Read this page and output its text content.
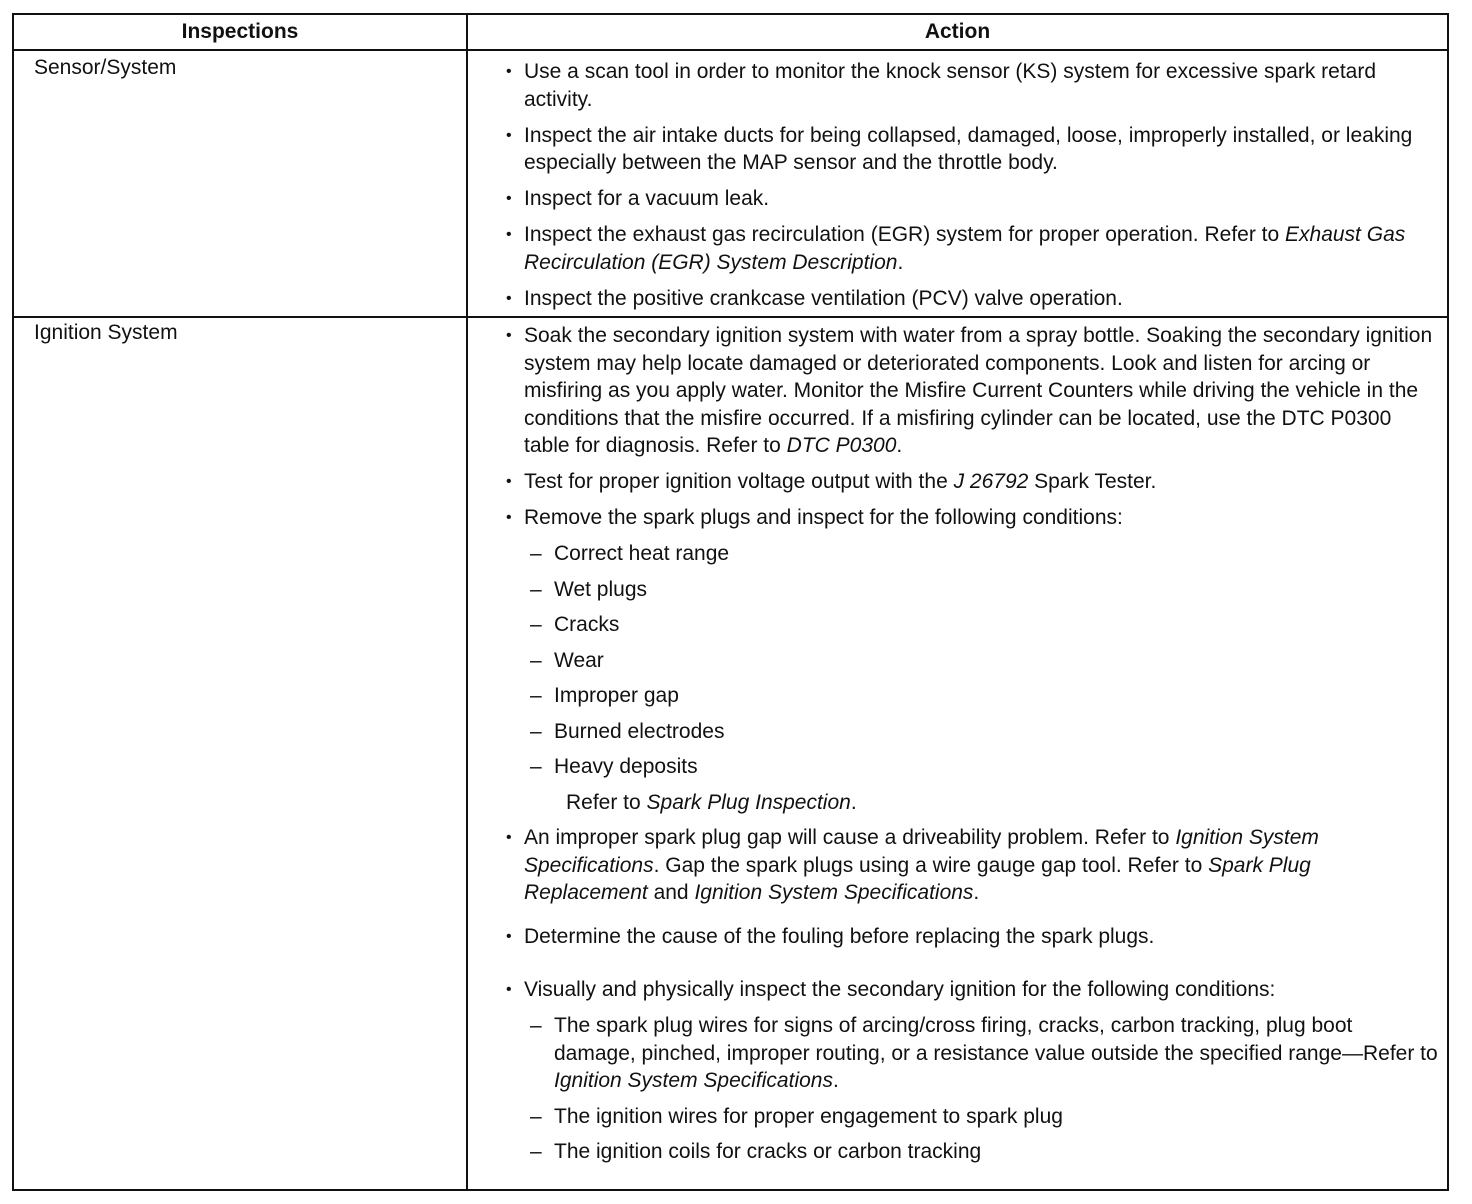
Inspections	Action
Sensor/System	• Use a scan tool in order to monitor the knock sensor (KS) system for excessive spark retard activity.
• Inspect the air intake ducts for being collapsed, damaged, loose, improperly installed, or leaking especially between the MAP sensor and the throttle body.
• Inspect for a vacuum leak.
• Inspect the exhaust gas recirculation (EGR) system for proper operation. Refer to Exhaust Gas Recirculation (EGR) System Description.
• Inspect the positive crankcase ventilation (PCV) valve operation.
Ignition System	• Soak the secondary ignition system with water from a spray bottle. Soaking the secondary ignition system may help locate damaged or deteriorated components. Look and listen for arcing or misfiring as you apply water. Monitor the Misfire Current Counters while driving the vehicle in the conditions that the misfire occurred. If a misfiring cylinder can be located, use the DTC P0300 table for diagnosis. Refer to DTC P0300.
• Test for proper ignition voltage output with the J 26792 Spark Tester.
• Remove the spark plugs and inspect for the following conditions:
– Correct heat range
– Wet plugs
– Cracks
– Wear
– Improper gap
– Burned electrodes
– Heavy deposits
Refer to Spark Plug Inspection.
• An improper spark plug gap will cause a driveability problem. Refer to Ignition System Specifications. Gap the spark plugs using a wire gauge gap tool. Refer to Spark Plug Replacement and Ignition System Specifications.
• Determine the cause of the fouling before replacing the spark plugs.
• Visually and physically inspect the secondary ignition for the following conditions:
– The spark plug wires for signs of arcing/cross firing, cracks, carbon tracking, plug boot damage, pinched, improper routing, or a resistance value outside the specified range—Refer to Ignition System Specifications.
– The ignition wires for proper engagement to spark plug
– The ignition coils for cracks or carbon tracking
